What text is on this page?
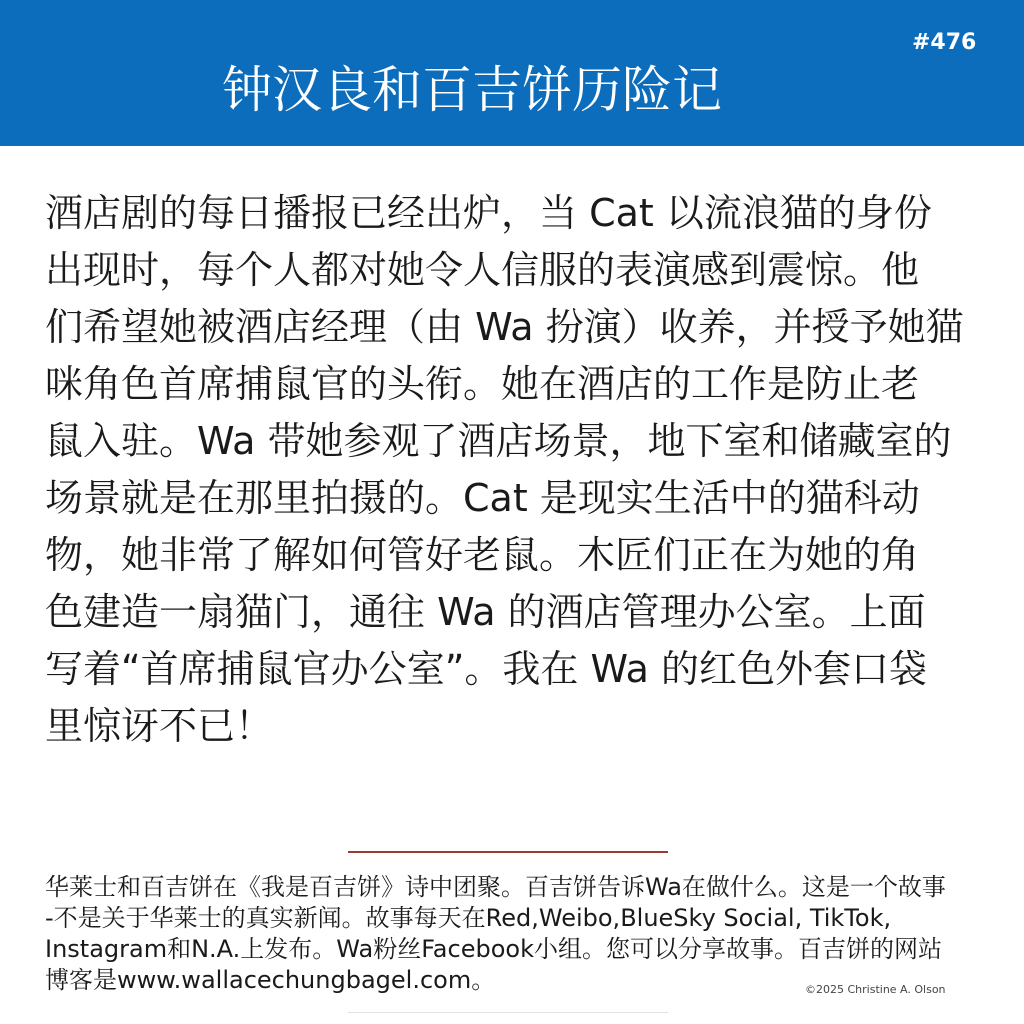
钟汉良和百吉饼历险记
#476
酒店剧的每日播报已经出炉，当 Cat 以流浪猫的身份
出现时，每个人都对她令人信服的表演感到震惊。他
们希望她被酒店经理（由 Wa 扮演）收养，并授予她猫
咪角色首席捕鼠官的头衔。她在酒店的工作是防止老
鼠入驻。Wa 带她参观了酒店场景，地下室和储藏室的
场景就是在那里拍摄的。Cat 是现实生活中的猫科动
物，她非常了解如何管好老鼠。木匠们正在为她的角
色建造一扇猫门，通往 Wa 的酒店管理办公室。上面
写着“首席捕鼠官办公室”。我在 Wa 的红色外套口袋
里惊讶不已！
华莱士和百吉饼在《我是百吉饼》诗中团聚。百吉饼告诉Wa在做什么。这是一个故事
-不是关于华莱士的真实新闻。故事每天在Red,Weibo,BlueSky Social, TikTok,
Instagram和N.A.上发布。Wa粉丝Facebook小组。您可以分享故事。百吉饼的网站
博客是www.wallacechungbagel.com。	©2025 Christine A. Olson
